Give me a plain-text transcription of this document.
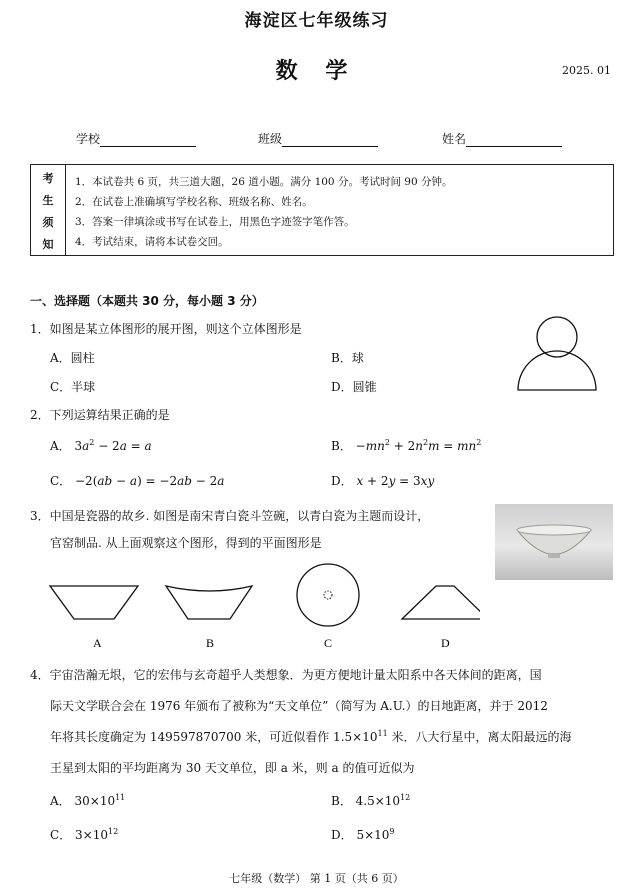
海淀区七年级练习
数 学	2025. 01
学校	班级	姓名
考
生
须
知
1．本试卷共 6 页，共三道大题，26 道小题。满分 100 分。考试时间 90 分钟。
2．在试卷上准确填写学校名称、班级名称、姓名。
3．答案一律填涂或书写在试卷上，用黑色字迹签字笔作答。
4．考试结束，请将本试卷交回。
一、选择题（本题共 30 分，每小题 3 分）
1．如图是某立体图形的展开图，则这个立体图形是
A．圆柱	B．球
C．半球	D．圆锥
2．下列运算结果正确的是
A． $3a^2 - 2a = a$	B． $-mn^2 + 2n^2m = mn^2$
C． −2(ab − a) = −2ab − 2a	D． x + 2y = 3xy
3．中国是瓷器的故乡. 如图是南宋青白瓷斗笠碗，以青白瓷为主题而设计，
官窑制品. 从上面观察这个图形，得到的平面图形是
A	B	C	D
4．宇宙浩瀚无垠，它的宏伟与玄奇超乎人类想象．为更方便地计量太阳系中各天体间的距离，国
际天文学联合会在 1976 年颁布了被称为“天文单位”（简写为 A.U.）的日地距离，并于 2012
年将其长度确定为 149597870700 米，可近似看作 $1.5\times 10^{11}$ 米．八大行星中，离太阳最远的海
王星到太阳的平均距离为 30 天文单位，即 a 米，则 a 的值可近似为
A． $30\times 10^{11}$	B． $4.5\times 10^{12}$
C． $3\times 10^{12}$	D． $5\times 10^9$
七年级（数学） 第 1 页（共 6 页）
